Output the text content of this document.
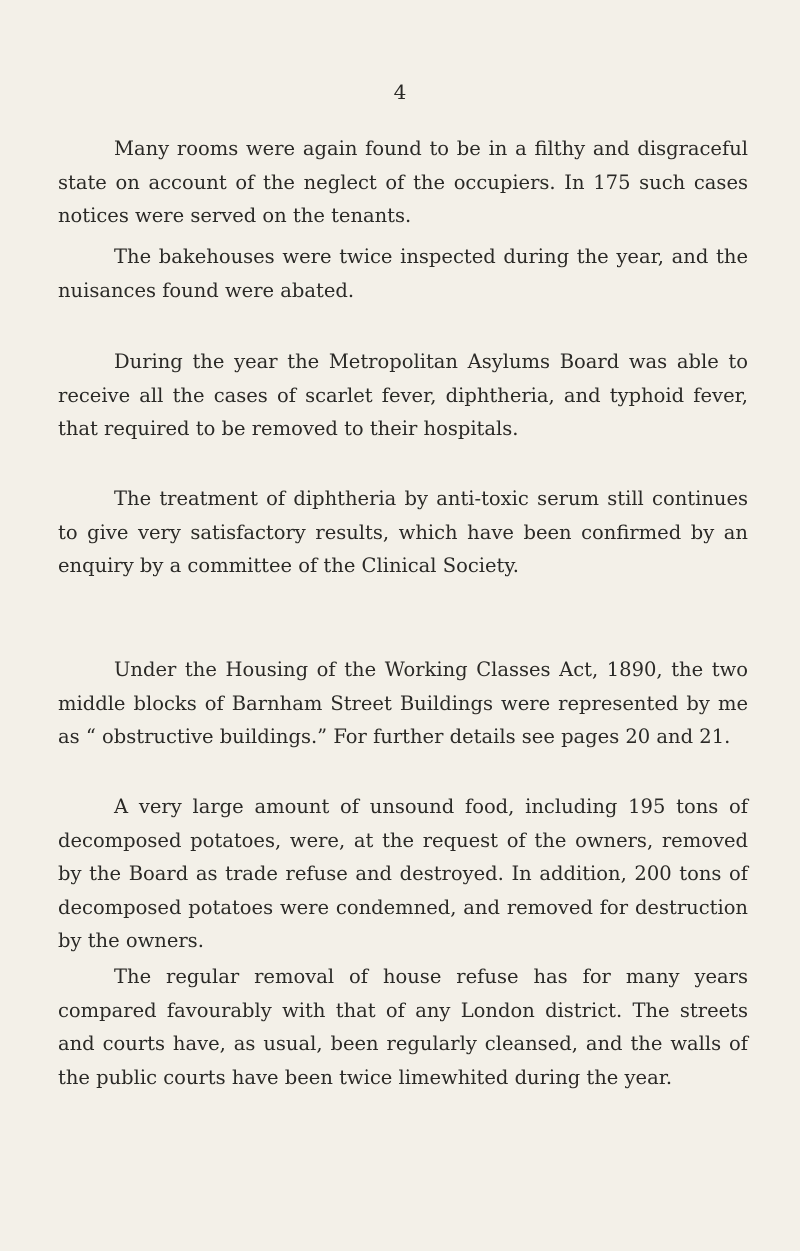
4

Many rooms were again found to be in a filthy and disgraceful state on account of the neglect of the occupiers. In 175 such cases notices were served on the tenants.

The bakehouses were twice inspected during the year, and the nuisances found were abated.

During the year the Metropolitan Asylums Board was able to receive all the cases of scarlet fever, diphtheria, and typhoid fever, that required to be removed to their hospitals.

The treatment of diphtheria by anti-toxic serum still continues to give very satisfactory results, which have been confirmed by an enquiry by a committee of the Clinical Society.

Under the Housing of the Working Classes Act, 1890, the two middle blocks of Barnham Street Buildings were represented by me as “ obstructive buildings.” For further details see pages 20 and 21.

A very large amount of unsound food, including 195 tons of decomposed potatoes, were, at the request of the owners, removed by the Board as trade refuse and destroyed. In addition, 200 tons of decomposed potatoes were condemned, and removed for destruction by the owners.

The regular removal of house refuse has for many years compared favourably with that of any London district. The streets and courts have, as usual, been regularly cleansed, and the walls of the public courts have been twice limewhited during the year.
